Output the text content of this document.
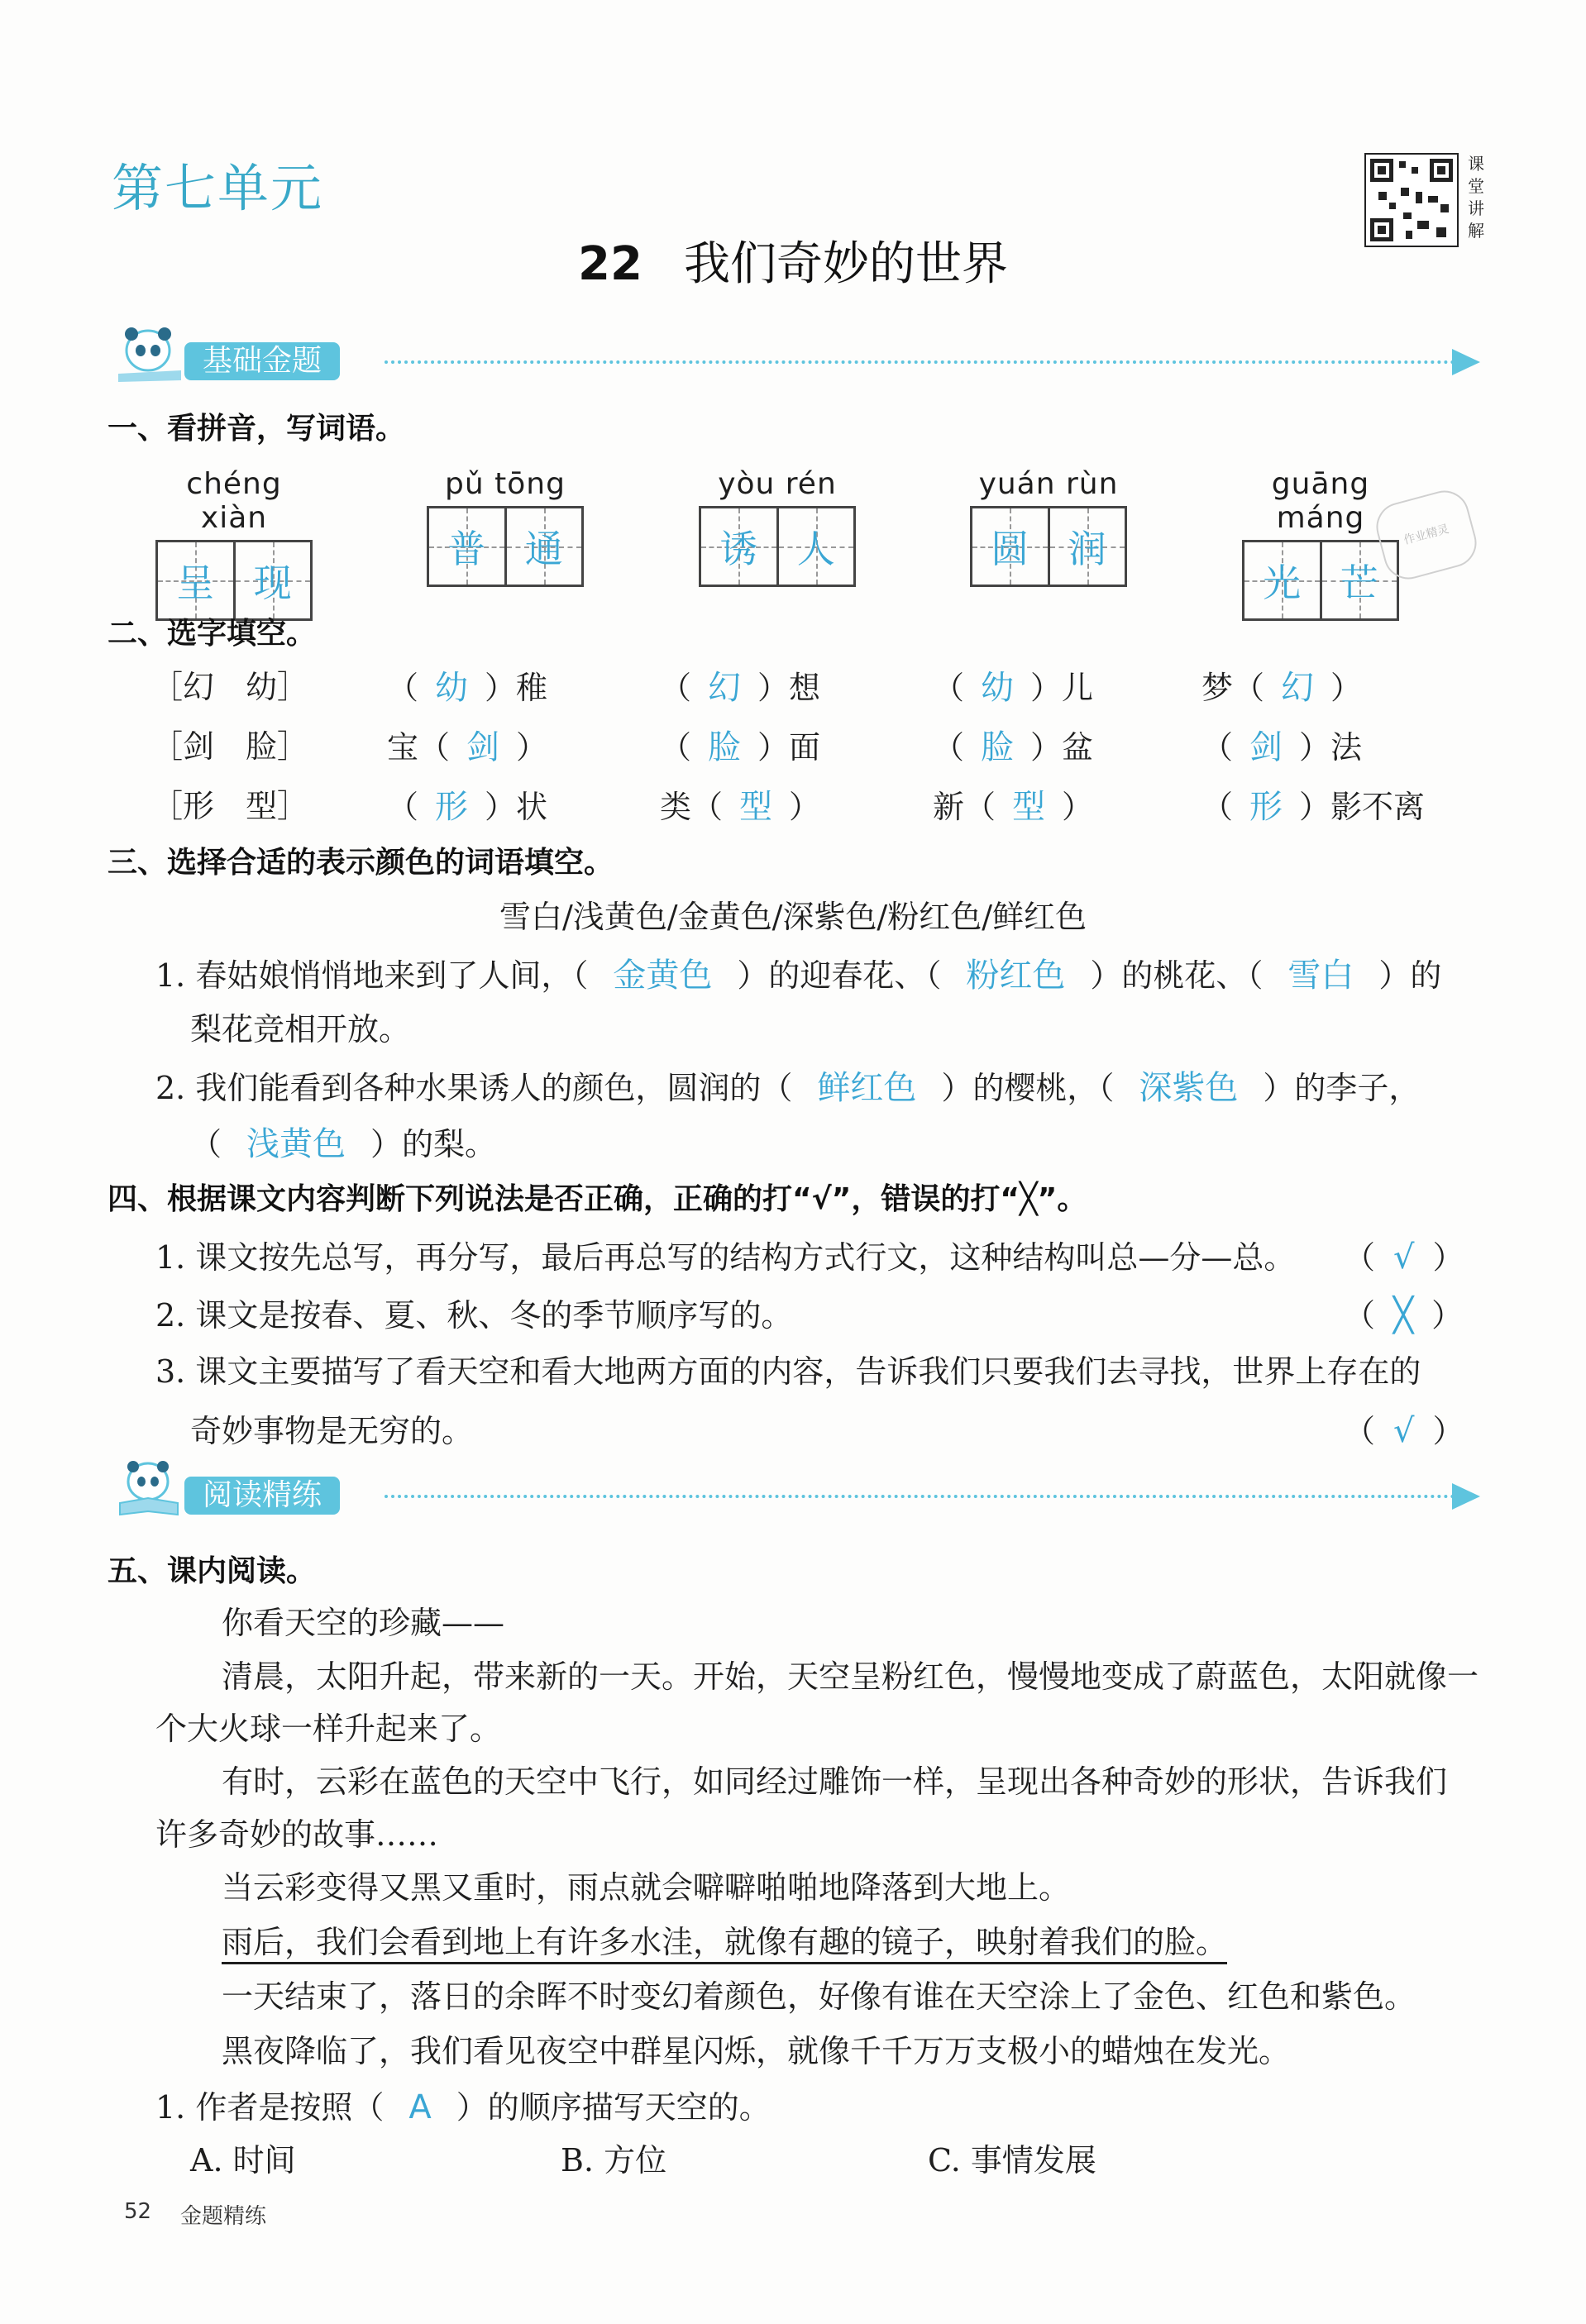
第七单元	课
堂
讲
解
22 我们奇妙的世界
基础金题
一、看拼音，写词语。
chéng xiàn
呈 现
pǔ tōng
普 通
yòu rén
诱 人
yuán rùn
圆 润
guāng máng
光 芒
作业精灵
二、选字填空。
［幻　幼］ （ 幼 ）稚	（ 幻 ）想	（ 幼 ）儿	梦（ 幻 ）
［剑　脸］ 宝（ 剑 ）	（ 脸 ）面	（ 脸 ）盆	（ 剑 ）法
［形　型］ （ 形 ）状	类（ 型 ）	新（ 型 ）	（ 形 ）影不离
三、选择合适的表示颜色的词语填空。
雪白/浅黄色/金黄色/深紫色/粉红色/鲜红色
1. 春姑娘悄悄地来到了人间，（ 金黄色 ）的迎春花、（ 粉红色 ）的桃花、（ 雪白 ）的
梨花竞相开放。
2. 我们能看到各种水果诱人的颜色，圆润的（ 鲜红色 ）的樱桃，（ 深紫色 ）的李子，
（ 浅黄色 ）的梨。
四、根据课文内容判断下列说法是否正确，正确的打“√”，错误的打“╳”。
1. 课文按先总写，再分写，最后再总写的结构方式行文，这种结构叫总—分—总。 （ √ ）
2. 课文是按春、夏、秋、冬的季节顺序写的。	（ ╳ ）
3. 课文主要描写了看天空和看大地两方面的内容，告诉我们只要我们去寻找，世界上存在的
奇妙事物是无穷的。	（ √ ）
阅读精练
五、课内阅读。
你看天空的珍藏——
清晨，太阳升起，带来新的一天。开始，天空呈粉红色，慢慢地变成了蔚蓝色，太阳就像一
个大火球一样升起来了。
有时，云彩在蓝色的天空中飞行，如同经过雕饰一样，呈现出各种奇妙的形状，告诉我们
许多奇妙的故事……
当云彩变得又黑又重时，雨点就会噼噼啪啪地降落到大地上。
雨后，我们会看到地上有许多水洼，就像有趣的镜子，映射着我们的脸。
一天结束了，落日的余晖不时变幻着颜色，好像有谁在天空涂上了金色、红色和紫色。
黑夜降临了，我们看见夜空中群星闪烁，就像千千万万支极小的蜡烛在发光。
1. 作者是按照（ A ）的顺序描写天空的。
A. 时间	B. 方位	C. 事情发展
52 金题精练
